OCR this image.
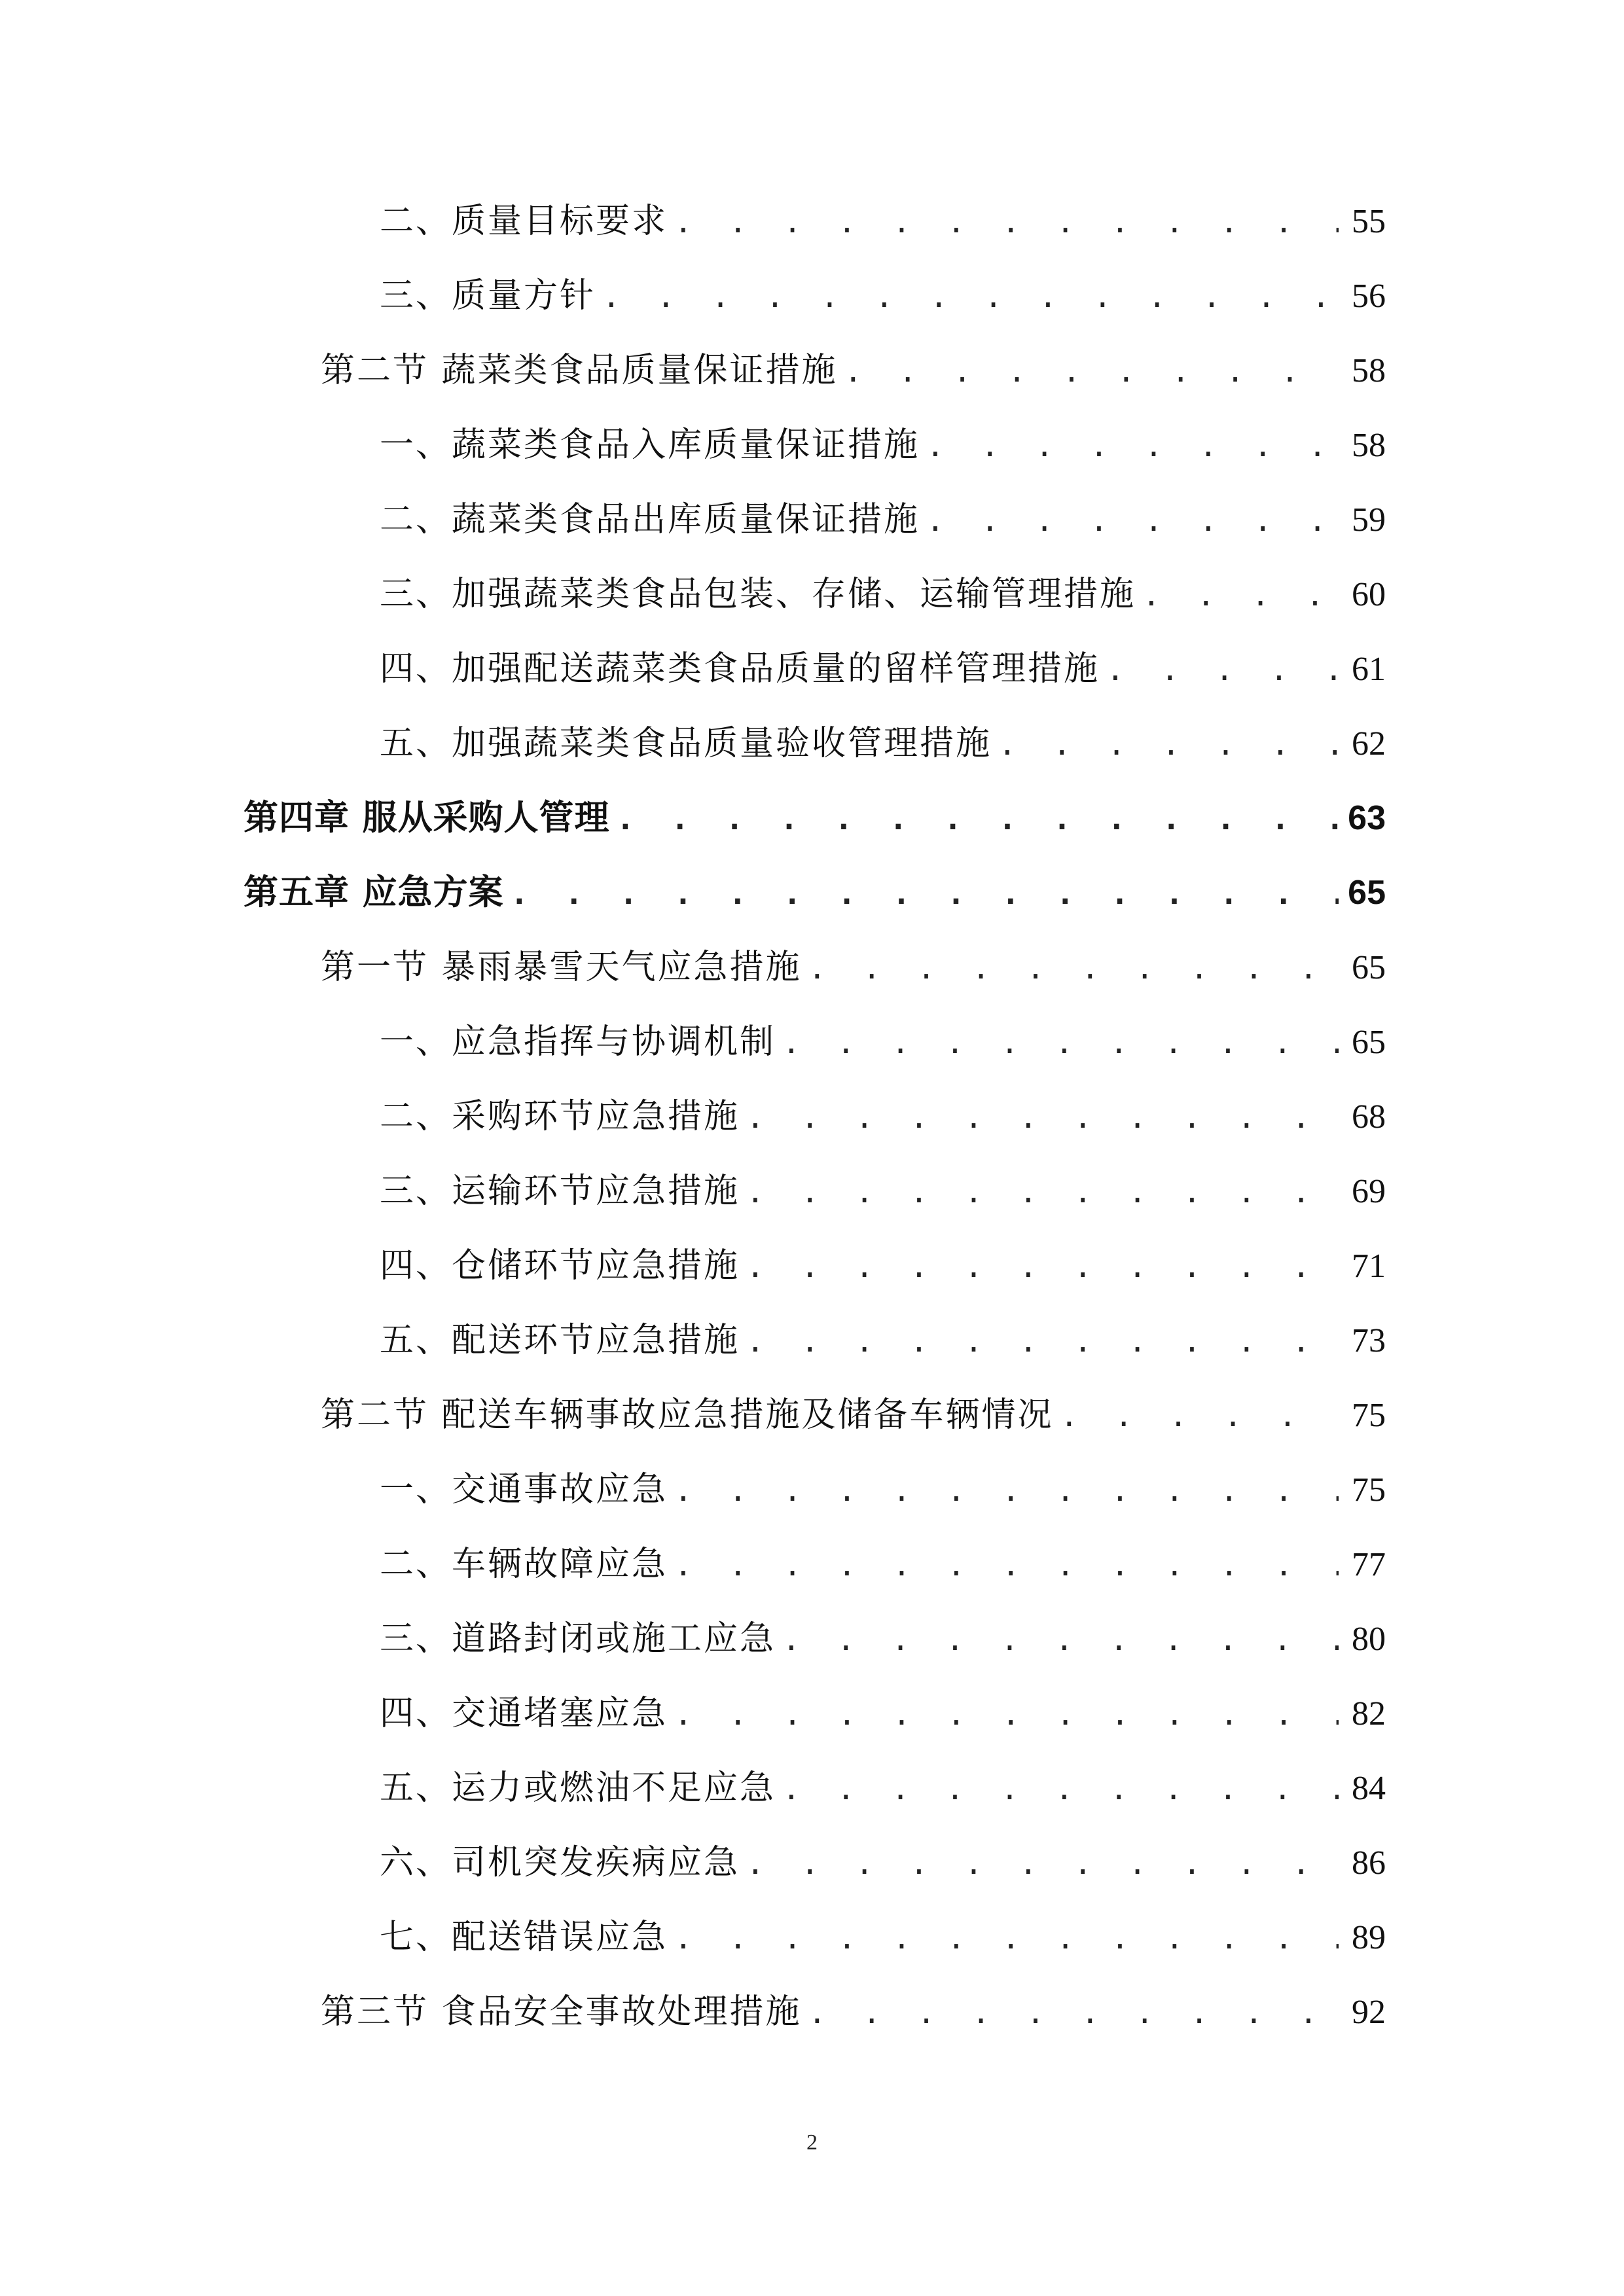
二、质量目标要求 . . .	55
三、质量方针 . . .	56
第二节 蔬菜类食品质量保证措施 . . .	58
一、蔬菜类食品入库质量保证措施 . . .	58
二、蔬菜类食品出库质量保证措施 . . .	59
三、加强蔬菜类食品包装、存储、运输管理措施 . . .	60
四、加强配送蔬菜类食品质量的留样管理措施 . . .	61
五、加强蔬菜类食品质量验收管理措施 . . .	62
第四章 服从采购人管理 . . .	63
第五章 应急方案 . . .	65
第一节 暴雨暴雪天气应急措施 . . .	65
一、应急指挥与协调机制 . . .	65
二、采购环节应急措施 . . .	68
三、运输环节应急措施 . . .	69
四、仓储环节应急措施 . . .	71
五、配送环节应急措施 . . .	73
第二节 配送车辆事故应急措施及储备车辆情况 . . .	75
一、交通事故应急 . . .	75
二、车辆故障应急 . . .	77
三、道路封闭或施工应急 . . .	80
四、交通堵塞应急 . . .	82
五、运力或燃油不足应急 . . .	84
六、司机突发疾病应急 . . .	86
七、配送错误应急 . . .	89
第三节 食品安全事故处理措施 . . .	92
2
